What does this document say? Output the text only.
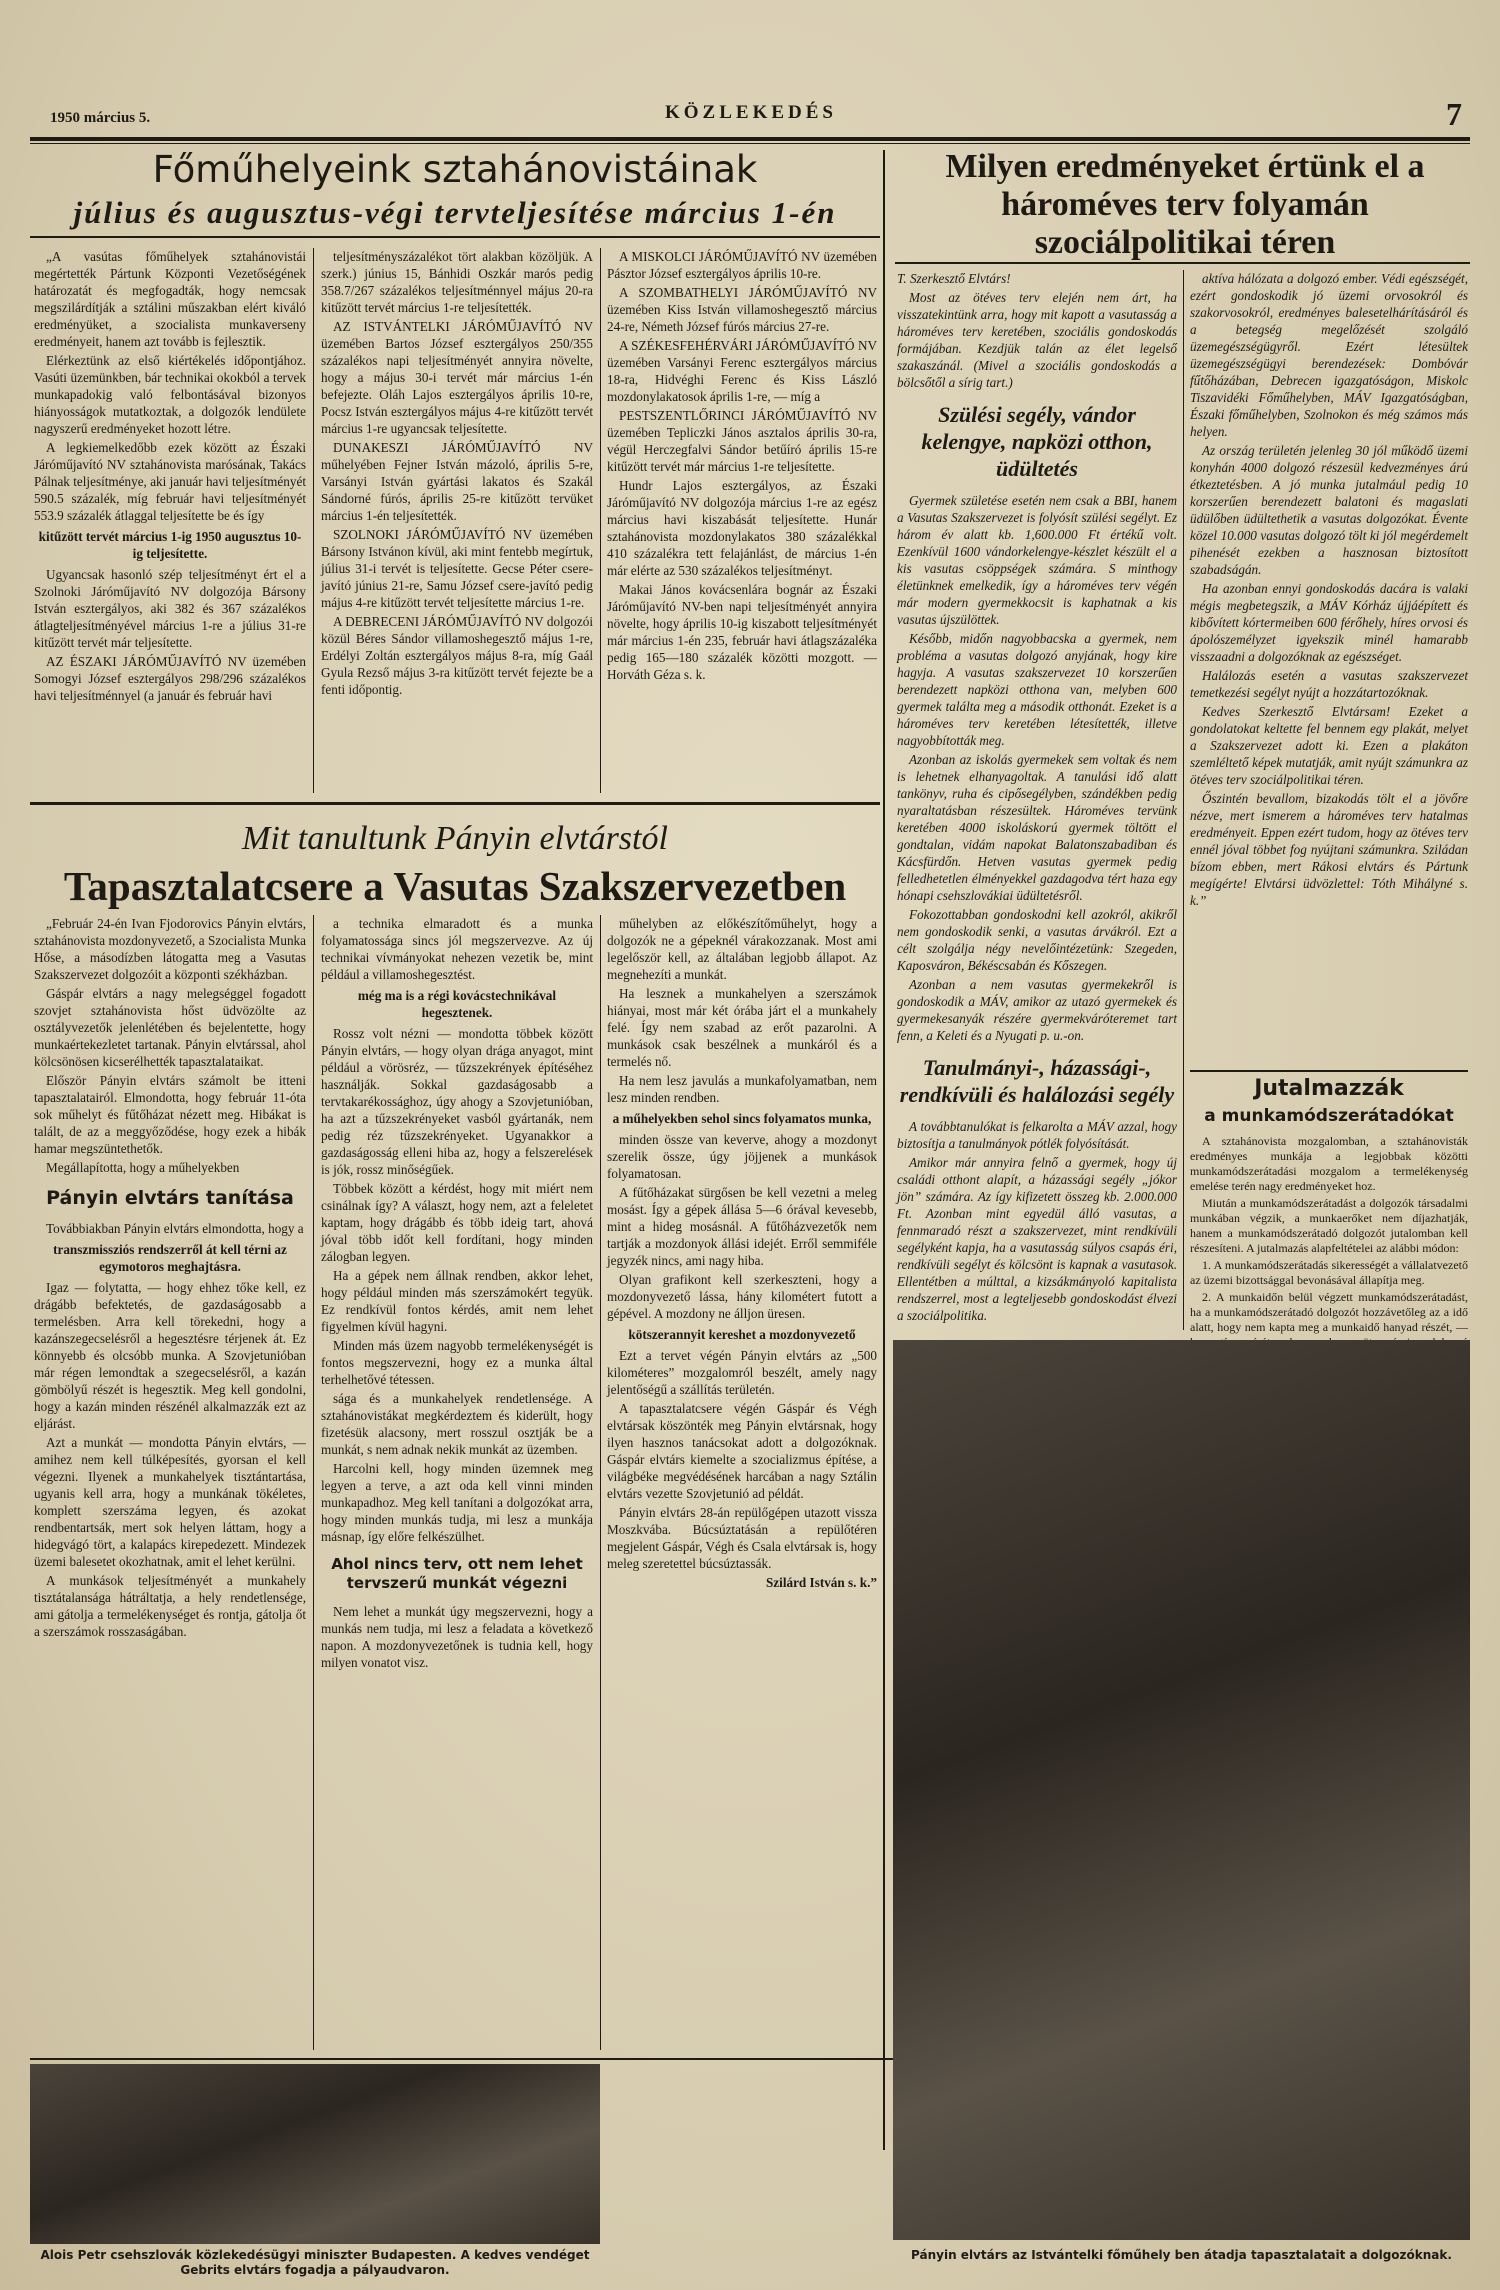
1950 március 5.	KÖZLEKEDÉS	7
Főműhelyeink sztahánovistáinak
július és augusztus-végi tervteljesítése március 1-én

„A vasútas főműhelyek sztahánovistái megértették Pártunk Központi Vezetőségének határozatát és megfogadták, hogy nemcsak megszilárdítják a sztálini műszakban elért kiváló eredményüket, a szocialista munkaverseny eredményeit, hanem azt tovább is fejlesztik.

Elérkeztünk az első kiértékelés időpontjához. Vasúti üzemünkben, bár technikai okokból a tervek munkapadokig való felbontásával bizonyos hiányosságok mutatkoztak, a dolgozók lendülete nagyszerű eredményeket hozott létre.

A legkiemelkedőbb ezek között az Északi Járóműjavító NV sztahánovista marósának, Takács Pálnak teljesítménye, aki január havi teljesítményét 590.5 százalék, míg február havi teljesítményét 553.9 százalék átlaggal teljesítette be és így

kitűzött tervét március 1-ig 1950 augusztus 10-ig teljesítette.

Ugyancsak hasonló szép teljesítményt ért el a Szolnoki Járóműjavító NV dolgozója Bársony István esztergályos, aki 382 és 367 százalékos átlagteljesítményével március 1-re a július 31-re kitűzött tervét már teljesítette.

AZ ÉSZAKI JÁRÓMŰJAVÍTÓ NV üzemében Somogyi József esztergályos 298/296 százalékos havi teljesítménnyel (a január és február havi

teljesítményszázalékot tört alakban közöljük. A szerk.) június 15, Bánhidi Oszkár marós pedig 358.7/267 százalékos teljesítménnyel május 20-ra kitűzött tervét március 1-re teljesítették.

AZ ISTVÁNTELKI JÁRÓMŰJAVÍTÓ NV üzemében Bartos József esztergályos 250/355 százalékos napi teljesítményét annyira növelte, hogy a május 30-i tervét már március 1-én befejezte. Oláh Lajos esztergályos április 10-re, Pocsz István esztergályos május 4-re kitűzött tervét március 1-re ugyancsak teljesítette.

DUNAKESZI JÁRÓMŰJAVÍTÓ NV műhelyében Fejner István mázoló, április 5-re, Varsányi István gyártási lakatos és Szakál Sándorné fúrós, április 25-re kitűzött tervüket március 1-én teljesítették.

SZOLNOKI JÁRÓMŰJAVÍTÓ NV üzemében Bársony Istvánon kívül, aki mint fentebb megírtuk, július 31-i tervét is teljesítette. Gecse Péter csere-javító június 21-re, Samu József csere-javító pedig május 4-re kitűzött tervét teljesítette március 1-re.

A DEBRECENI JÁRÓMŰJAVÍTÓ NV dolgozói közül Béres Sándor villamoshegesztő május 1-re, Erdélyi Zoltán esztergályos május 8-ra, míg Gaál Gyula Rezső május 3-ra kitűzött tervét fejezte be a fenti időpontig.

A MISKOLCI JÁRÓMŰJAVÍTÓ NV üzemében Pásztor József esztergályos április 10-re.

A SZOMBATHELYI JÁRÓMŰJAVÍTÓ NV üzemében Kiss István villamoshegesztő március 24-re, Németh József fúrós március 27-re.

A SZÉKESFEHÉRVÁRI JÁRÓMŰJAVÍTÓ NV üzemében Varsányi Ferenc esztergályos március 18-ra, Hidvéghi Ferenc és Kiss László mozdonylakatosok április 1-re, — míg a

PESTSZENTLŐRINCI JÁRÓMŰJAVÍTÓ NV üzemében Tepliczki János asztalos április 30-ra, végül Herczegfalvi Sándor betűíró április 15-re kitűzött tervét már március 1-re teljesítette.

Hundr Lajos esztergályos, az Északi Járóműjavító NV dolgozója március 1-re az egész március havi kiszabását teljesítette. Hunár sztahánovista mozdonylakatos 380 százalékkal 410 százalékra tett felajánlást, de március 1-én már elérte az 530 százalékos teljesítményt.

Makai János kovácsenlára bognár az Északi Járóműjavító NV-ben napi teljesítményét annyira növelte, hogy április 10-ig kiszabott teljesítményét már március 1-én 235, február havi átlagszázaléka pedig 165—180 százalék közötti mozgott. — Horváth Géza s. k.

Mit tanultunk Pányin elvtárstól
Tapasztalatcsere a Vasutas Szakszervezetben

„Február 24-én Ivan Fjodorovics Pányin elvtárs, sztahánovista mozdonyvezető, a Szocialista Munka Hőse, a másodízben látogatta meg a Vasutas Szakszervezet dolgozóit a központi székházban.

Gáspár elvtárs a nagy melegséggel fogadott szovjet sztahánovista hőst üdvözölte az osztályvezetők jelenlétében és bejelentette, hogy munkaértekezletet tartanak. Pányin elvtárssal, ahol kölcsönösen kicserélhették tapasztalataikat.

Először Pányin elvtárs számolt be itteni tapasztalatairól. Elmondotta, hogy február 11-óta sok műhelyt és fűtőházat nézett meg. Hibákat is talált, de az a meggyőződése, hogy ezek a hibák hamar megszüntethetők.

Megállapította, hogy a műhelyekben

Pányin elvtárs tanítása

Továbbiakban Pányin elvtárs elmondotta, hogy a

transzmissziós rendszerről át kell térni az egymotoros meghajtásra.

Igaz — folytatta, — hogy ehhez tőke kell, ez drágább befektetés, de gazdaságosabb a termelésben. Arra kell törekedni, hogy a kazánszegecselésről a hegesztésre térjenek át. Ez könnyebb és olcsóbb munka. A Szovjetunióban már régen lemondtak a szegecselésről, a kazán gömbölyű részét is hegesztik. Meg kell gondolni, hogy a kazán minden részénél alkalmazzák ezt az eljárást.

Azt a munkát — mondotta Pányin elvtárs, — amihez nem kell túlképesítés, gyorsan el kell végezni. Ilyenek a munkahelyek tisztántartása, ugyanis kell arra, hogy a munkának tökéletes, komplett szerszáma legyen, és azokat rendbentartsák, mert sok helyen láttam, hogy a hidegvágó tört, a kalapács kirepedezett. Mindezek üzemi balesetet okozhatnak, amit el lehet kerülni.

A munkások teljesítményét a munkahely tisztátalansága hátráltatja, a hely rendetlensége, ami gátolja a termelékenységet és rontja, gátolja őt a szerszámok rosszaságában.

a technika elmaradott és a munka folyamatossága sincs jól megszervezve. Az új technikai vívmányokat nehezen vezetik be, mint például a villamoshegesztést.

még ma is a régi kovácstechnikával hegesztenek.

Rossz volt nézni — mondotta többek között Pányin elvtárs, — hogy olyan drága anyagot, mint például a vörösréz, — tűzszekrények építéséhez használják. Sokkal gazdaságosabb a tervtakarékossághoz, úgy ahogy a Szovjetunióban, ha azt a tűzszekrényeket vasból gyártanák, nem pedig réz tűzszekrényeket. Ugyanakkor a gazdaságosság elleni hiba az, hogy a felszerelések is jók, rossz minőségűek.

Többek között a kérdést, hogy mit miért nem csinálnak így? A választ, hogy nem, azt a feleletet kaptam, hogy drágább és több ideig tart, ahová jóval több időt kell fordítani, hogy minden zálogban legyen.

Ha a gépek nem állnak rendben, akkor lehet, hogy például minden más szerszámokért tegyük. Ez rendkívül fontos kérdés, amit nem lehet figyelmen kívül hagyni.

Minden más üzem nagyobb termelékenységét is fontos megszervezni, hogy ez a munka által terhelhetővé tétessen.

sága és a munkahelyek rendetlensége. A sztahánovistákat megkérdeztem és kiderült, hogy fizetésük alacsony, mert rosszul osztják be a munkát, s nem adnak nekik munkát az üzemben.

Harcolni kell, hogy minden üzemnek meg legyen a terve, a azt oda kell vinni minden munkapadhoz. Meg kell tanítani a dolgozókat arra, hogy minden munkás tudja, mi lesz a munkája másnap, így előre felkészülhet.

Ahol nincs terv, ott nem lehet tervszerű munkát végezni

Nem lehet a munkát úgy megszervezni, hogy a munkás nem tudja, mi lesz a feladata a következő napon. A mozdonyvezetőnek is tudnia kell, hogy milyen vonatot visz.

műhelyben az előkészítőműhelyt, hogy a dolgozók ne a gépeknél várakozzanak. Most ami legelőször kell, az általában legjobb állapot. Az megnehezíti a munkát.

Ha lesznek a munkahelyen a szerszámok hiányai, most már két órába járt el a munkahely felé. Így nem szabad az erőt pazarolni. A munkások csak beszélnek a munkáról és a termelés nő.

Ha nem lesz javulás a munkafolyamatban, nem lesz minden rendben.

a műhelyekben sehol sincs folyamatos munka,

minden össze van keverve, ahogy a mozdonyt szerelik össze, úgy jöjjenek a munkások folyamatosan.

A fűtőházakat sürgősen be kell vezetni a meleg mosást. Így a gépek állása 5—6 órával kevesebb, mint a hideg mosásnál. A fűtőházvezetők nem tartják a mozdonyok állási idejét. Erről semmiféle jegyzék nincs, ami nagy hiba.

Olyan grafikont kell szerkeszteni, hogy a mozdonyvezető lássa, hány kilométert futott a gépével. A mozdony ne álljon üresen.

kötszerannyit kereshet a mozdonyvezető

Ezt a tervet végén Pányin elvtárs az „500 kilométeres” mozgalomról beszélt, amely nagy jelentőségű a szállítás területén.

A tapasztalatcsere végén Gáspár és Végh elvtársak köszönték meg Pányin elvtársnak, hogy ilyen hasznos tanácsokat adott a dolgozóknak. Gáspár elvtárs kiemelte a szocializmus építése, a világbéke megvédésének harcában a nagy Sztálin elvtárs vezette Szovjetunió ad példát.

Pányin elvtárs 28-án repülőgépen utazott vissza Moszkvába. Búcsúztatásán a repülőtéren megjelent Gáspár, Végh és Csala elvtársak is, hogy meleg szeretettel búcsúztassák.

Szilárd István s. k.”

Alois Petr csehszlovák közlekedésügyi miniszter Budapesten. A kedves vendéget Gebrits elvtárs fogadja a pályaudvaron.
Milyen eredményeket értünk el a hároméves terv folyamán szociálpolitikai téren

T. Szerkesztő Elvtárs!

Most az ötéves terv elején nem árt, ha visszatekintünk arra, hogy mit kapott a vasutasság a hároméves terv keretében, szociális gondoskodás formájában. Kezdjük talán az élet legelső szakaszánál. (Mivel a szociális gondoskodás a bölcsőtől a sírig tart.)

Szülési segély, vándor kelengye, napközi otthon, üdültetés

Gyermek születése esetén nem csak a BBI, hanem a Vasutas Szakszervezet is folyósít szülési segélyt. Ez három év alatt kb. 1,600.000 Ft értékű volt. Ezenkívül 1600 vándorkelengye-készlet készült el a kis vasutas csöppségek számára. S minthogy életünknek emelkedik, így a hároméves terv végén már modern gyermekkocsit is kaphatnak a kis vasutas újszülöttek.

Később, midőn nagyobbacska a gyermek, nem probléma a vasutas dolgozó anyjának, hogy kire hagyja. A vasutas szakszervezet 10 korszerűen berendezett napközi otthona van, melyben 600 gyermek találta meg a második otthonát. Ezeket is a hároméves terv keretében létesítették, illetve nagyobbították meg.

Azonban az iskolás gyermekek sem voltak és nem is lehetnek elhanyagoltak. A tanulási idő alatt tankönyv, ruha és cipősegélyben, szándékben pedig nyaraltatásban részesültek. Hároméves tervünk keretében 4000 iskoláskorú gyermek töltött el gondtalan, vidám napokat Balatonszabadiban és Kácsfürdőn. Hetven vasutas gyermek pedig felledhetetlen élményekkel gazdagodva tért haza egy hónapi csehszlovákiai üdültetésről.

Fokozottabban gondoskodni kell azokról, akikről nem gondoskodik senki, a vasutas árvákról. Ezt a célt szolgálja négy nevelőintézetünk: Szegeden, Kaposváron, Békéscsabán és Kőszegen.

Azonban a nem vasutas gyermekekről is gondoskodik a MÁV, amikor az utazó gyermekek és gyermekesanyák részére gyermekváróteremet tart fenn, a Keleti és a Nyugati p. u.-on.

Tanulmányi-, házassági-, rendkívüli és halálozási segély

A továbbtanulókat is felkarolta a MÁV azzal, hogy biztosítja a tanulmányok pótlék folyósítását.

Amikor már annyira felnő a gyermek, hogy új családi otthont alapít, a házassági segély „jókor jön” számára. Az így kifizetett összeg kb. 2.000.000 Ft. Azonban mint egyedül álló vasutas, a fennmaradó részt a szakszervezet, mint rendkívüli segélyként kapja, ha a vasutasság súlyos csapás éri, rendkívüli segélyt és kölcsönt is kapnak a vasutasok. Ellentétben a múlttal, a kizsákmányoló kapitalista rendszerrel, most a legteljesebb gondoskodást élvezi a szociálpolitika.

aktíva hálózata a dolgozó ember. Védi egészségét, ezért gondoskodik jó üzemi orvosokról és szakorvosokról, eredményes balesetelhárításáról és a betegség megelőzését szolgáló üzemegészségügyről. Ezért létesültek üzemegészségügyi berendezések: Dombóvár fűtőházában, Debrecen igazgatóságon, Miskolc Tiszavidéki Főműhelyben, MÁV Igazgatóságban, Északi főműhelyben, Szolnokon és még számos más helyen.

Az ország területén jelenleg 30 jól működő üzemi konyhán 4000 dolgozó részesül kedvezményes árú étkeztetésben. A jó munka jutalmául pedig 10 korszerűen berendezett balatoni és magaslati üdülőben üdültethetik a vasutas dolgozókat. Évente közel 10.000 vasutas dolgozó tölt ki jól megérdemelt pihenését ezekben a hasznosan biztosított szabadságán.

Ha azonban ennyi gondoskodás dacára is valaki mégis megbetegszik, a MÁV Kórház újjáépített és kibővített kórtermeiben 600 férőhely, híres orvosi és ápolószemélyzet igyekszik minél hamarabb visszaadni a dolgozóknak az egészséget.

Halálozás esetén a vasutas szakszervezet temetkezési segélyt nyújt a hozzátartozóknak.

Kedves Szerkesztő Elvtársam! Ezeket a gondolatokat keltette fel bennem egy plakát, melyet a Szakszervezet adott ki. Ezen a plakáton szemléltető képek mutatják, amit nyújt számunkra az ötéves terv szociálpolitikai téren.

Őszintén bevallom, bizakodás tölt el a jövőre nézve, mert ismerem a hároméves terv hatalmas eredményeit. Eppen ezért tudom, hogy az ötéves terv ennél jóval többet fog nyújtani számunkra. Sziládan bízom ebben, mert Rákosi elvtárs és Pártunk megígérte! Elvtársi üdvözlettel: Tóth Mihályné s. k.”

Jutalmazzák
a munkamódszerátadókat

A sztahánovista mozgalomban, a sztahánovisták eredményes munkája a legjobbak közötti munkamódszerátadási mozgalom a termelékenység emelése terén nagy eredményeket hoz.

Miután a munkamódszerátadást a dolgozók társadalmi munkában végzik, a munkaerőket nem díjazhatják, hanem a munkamódszerátadó dolgozót jutalomban kell részesíteni. A jutalmazás alapfeltételei az alábbi módon:

1. A munkamódszerátadás sikerességét a vállalatvezető az üzemi bizottsággal bevonásával állapítja meg.

2. A munkaidőn belül végzett munkamódszerátadást, ha a munkamódszerátadó dolgozót hozzávetőleg az a idő alatt, hogy nem kapta meg a munkaidő hanyad részét, —

Pányin elvtárs az Istvántelki főműhely ben átadja tapasztalatait a dolgozóknak.
